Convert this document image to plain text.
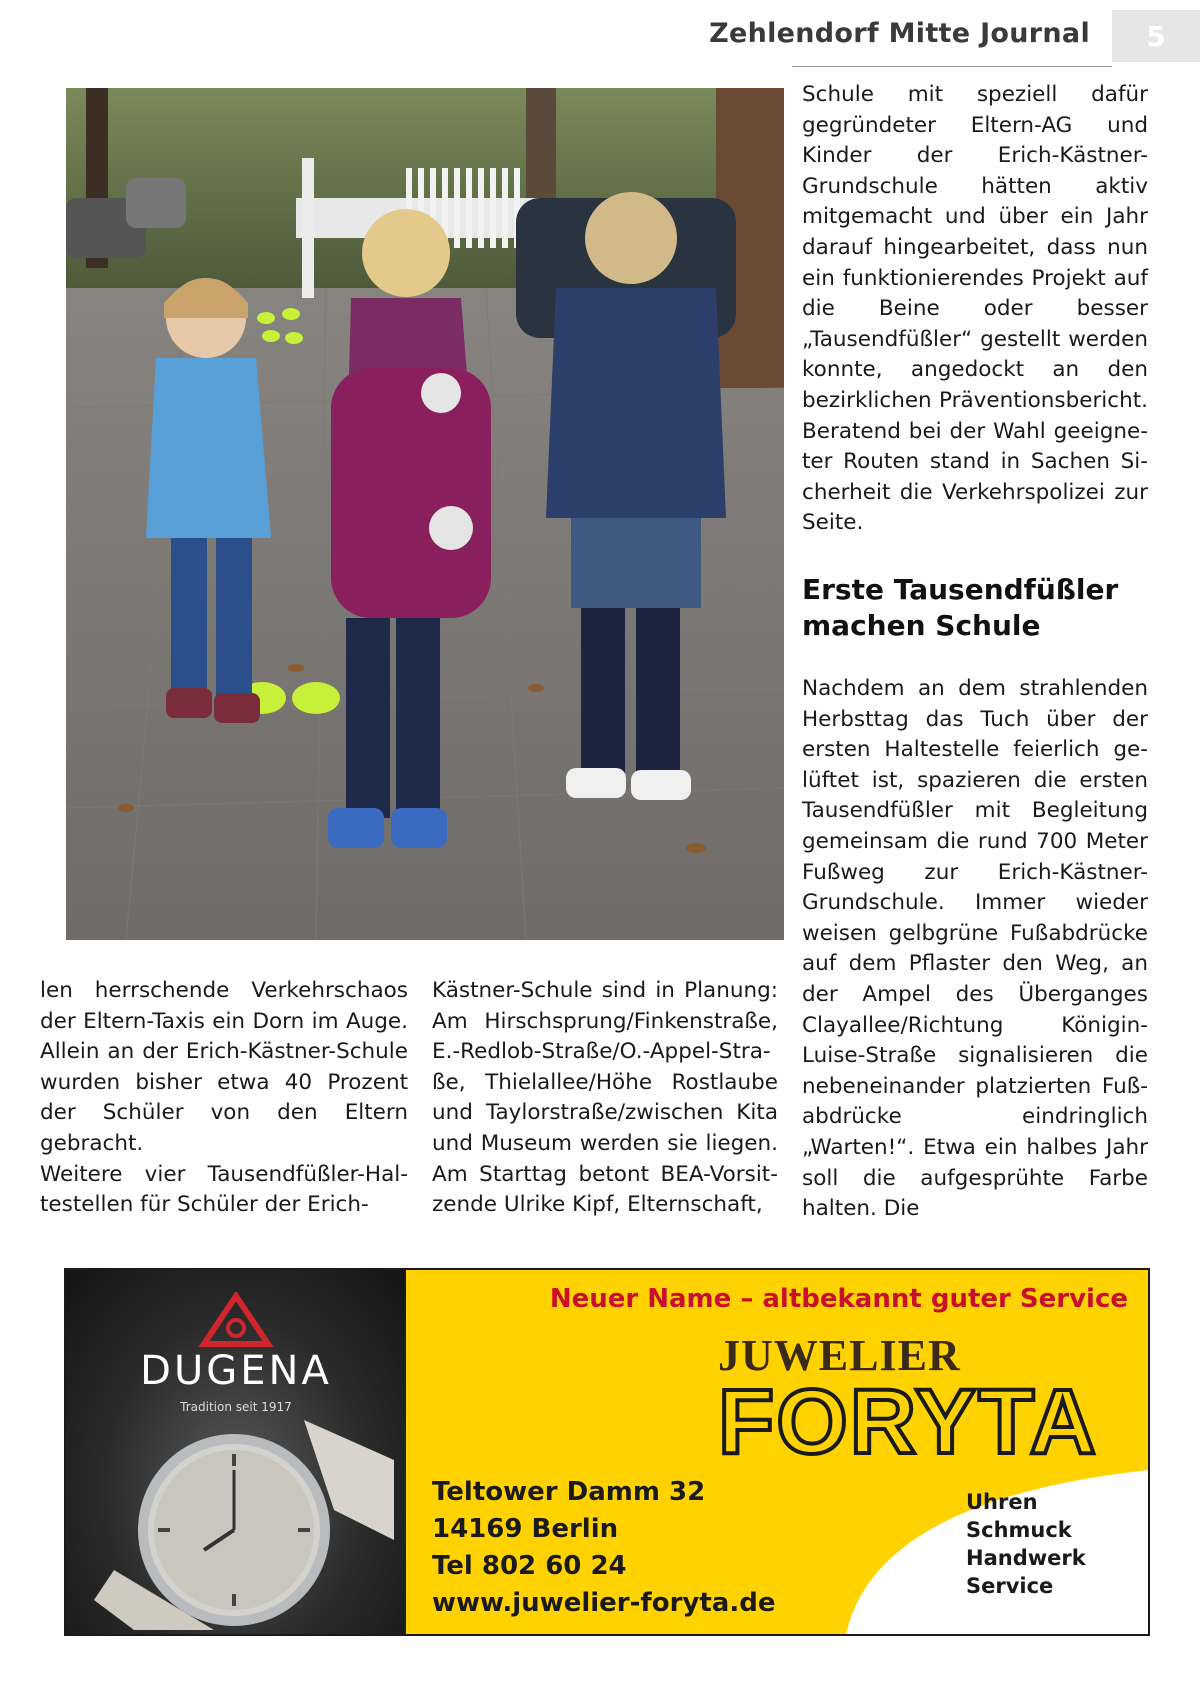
Zehlendorf Mitte Journal	5

Schule mit speziell dafür gegründeter Eltern-AG und Kinder der Erich-Kästner-Grundschule hätten aktiv mitgemacht und über ein Jahr darauf hingearbeitet, dass nun ein funktionierendes Projekt auf die Beine oder besser „Tausendfüßler“ gestellt werden konnte, angedockt an den bezirklichen Präventionsbericht. Beratend bei der Wahl geeigneter Routen stand in Sachen Sicherheit die Verkehrspolizei zur Seite.

Erste Tausendfüßler machen Schule

Nachdem an dem strahlenden Herbsttag das Tuch über der ersten Haltestelle feierlich gelüftet ist, spazieren die ersten Tausendfüßler mit Begleitung gemeinsam die rund 700 Meter Fußweg zur Erich-Kästner-Grundschule. Immer wieder weisen gelbgrüne Fußabdrücke auf dem Pflaster den Weg, an der Ampel des Überganges Clayallee/Richtung Königin-Luise-Straße signalisieren die nebeneinander platzierten Fußabdrücke eindringlich „Warten!“. Etwa ein halbes Jahr soll die aufgesprühte Farbe halten. Die

len herrschende Verkehrschaos der Eltern-Taxis ein Dorn im Auge. Allein an der Erich-Kästner-Schule wurden bisher etwa 40 Prozent der Schüler von den Eltern gebracht.

Weitere vier Tausendfüßler-Haltestellen für Schüler der Erich-

Kästner-Schule sind in Planung: Am Hirschsprung/Finkenstraße, E.-Redlob-Straße/O.-Appel-Straße, Thielallee/Höhe Rostlaube und Taylorstraße/zwischen Kita und Museum werden sie liegen. Am Starttag betont BEA-Vorsitzende Ulrike Kipf, Elternschaft,

DUGENA
Tradition seit 1917
Neuer Name – altbekannt guter Service
JUWELIER
FORYTA
Teltower Damm 32
14169 Berlin
Tel 802 60 24
www.juwelier-foryta.de
Uhren
Schmuck
Handwerk
Service
